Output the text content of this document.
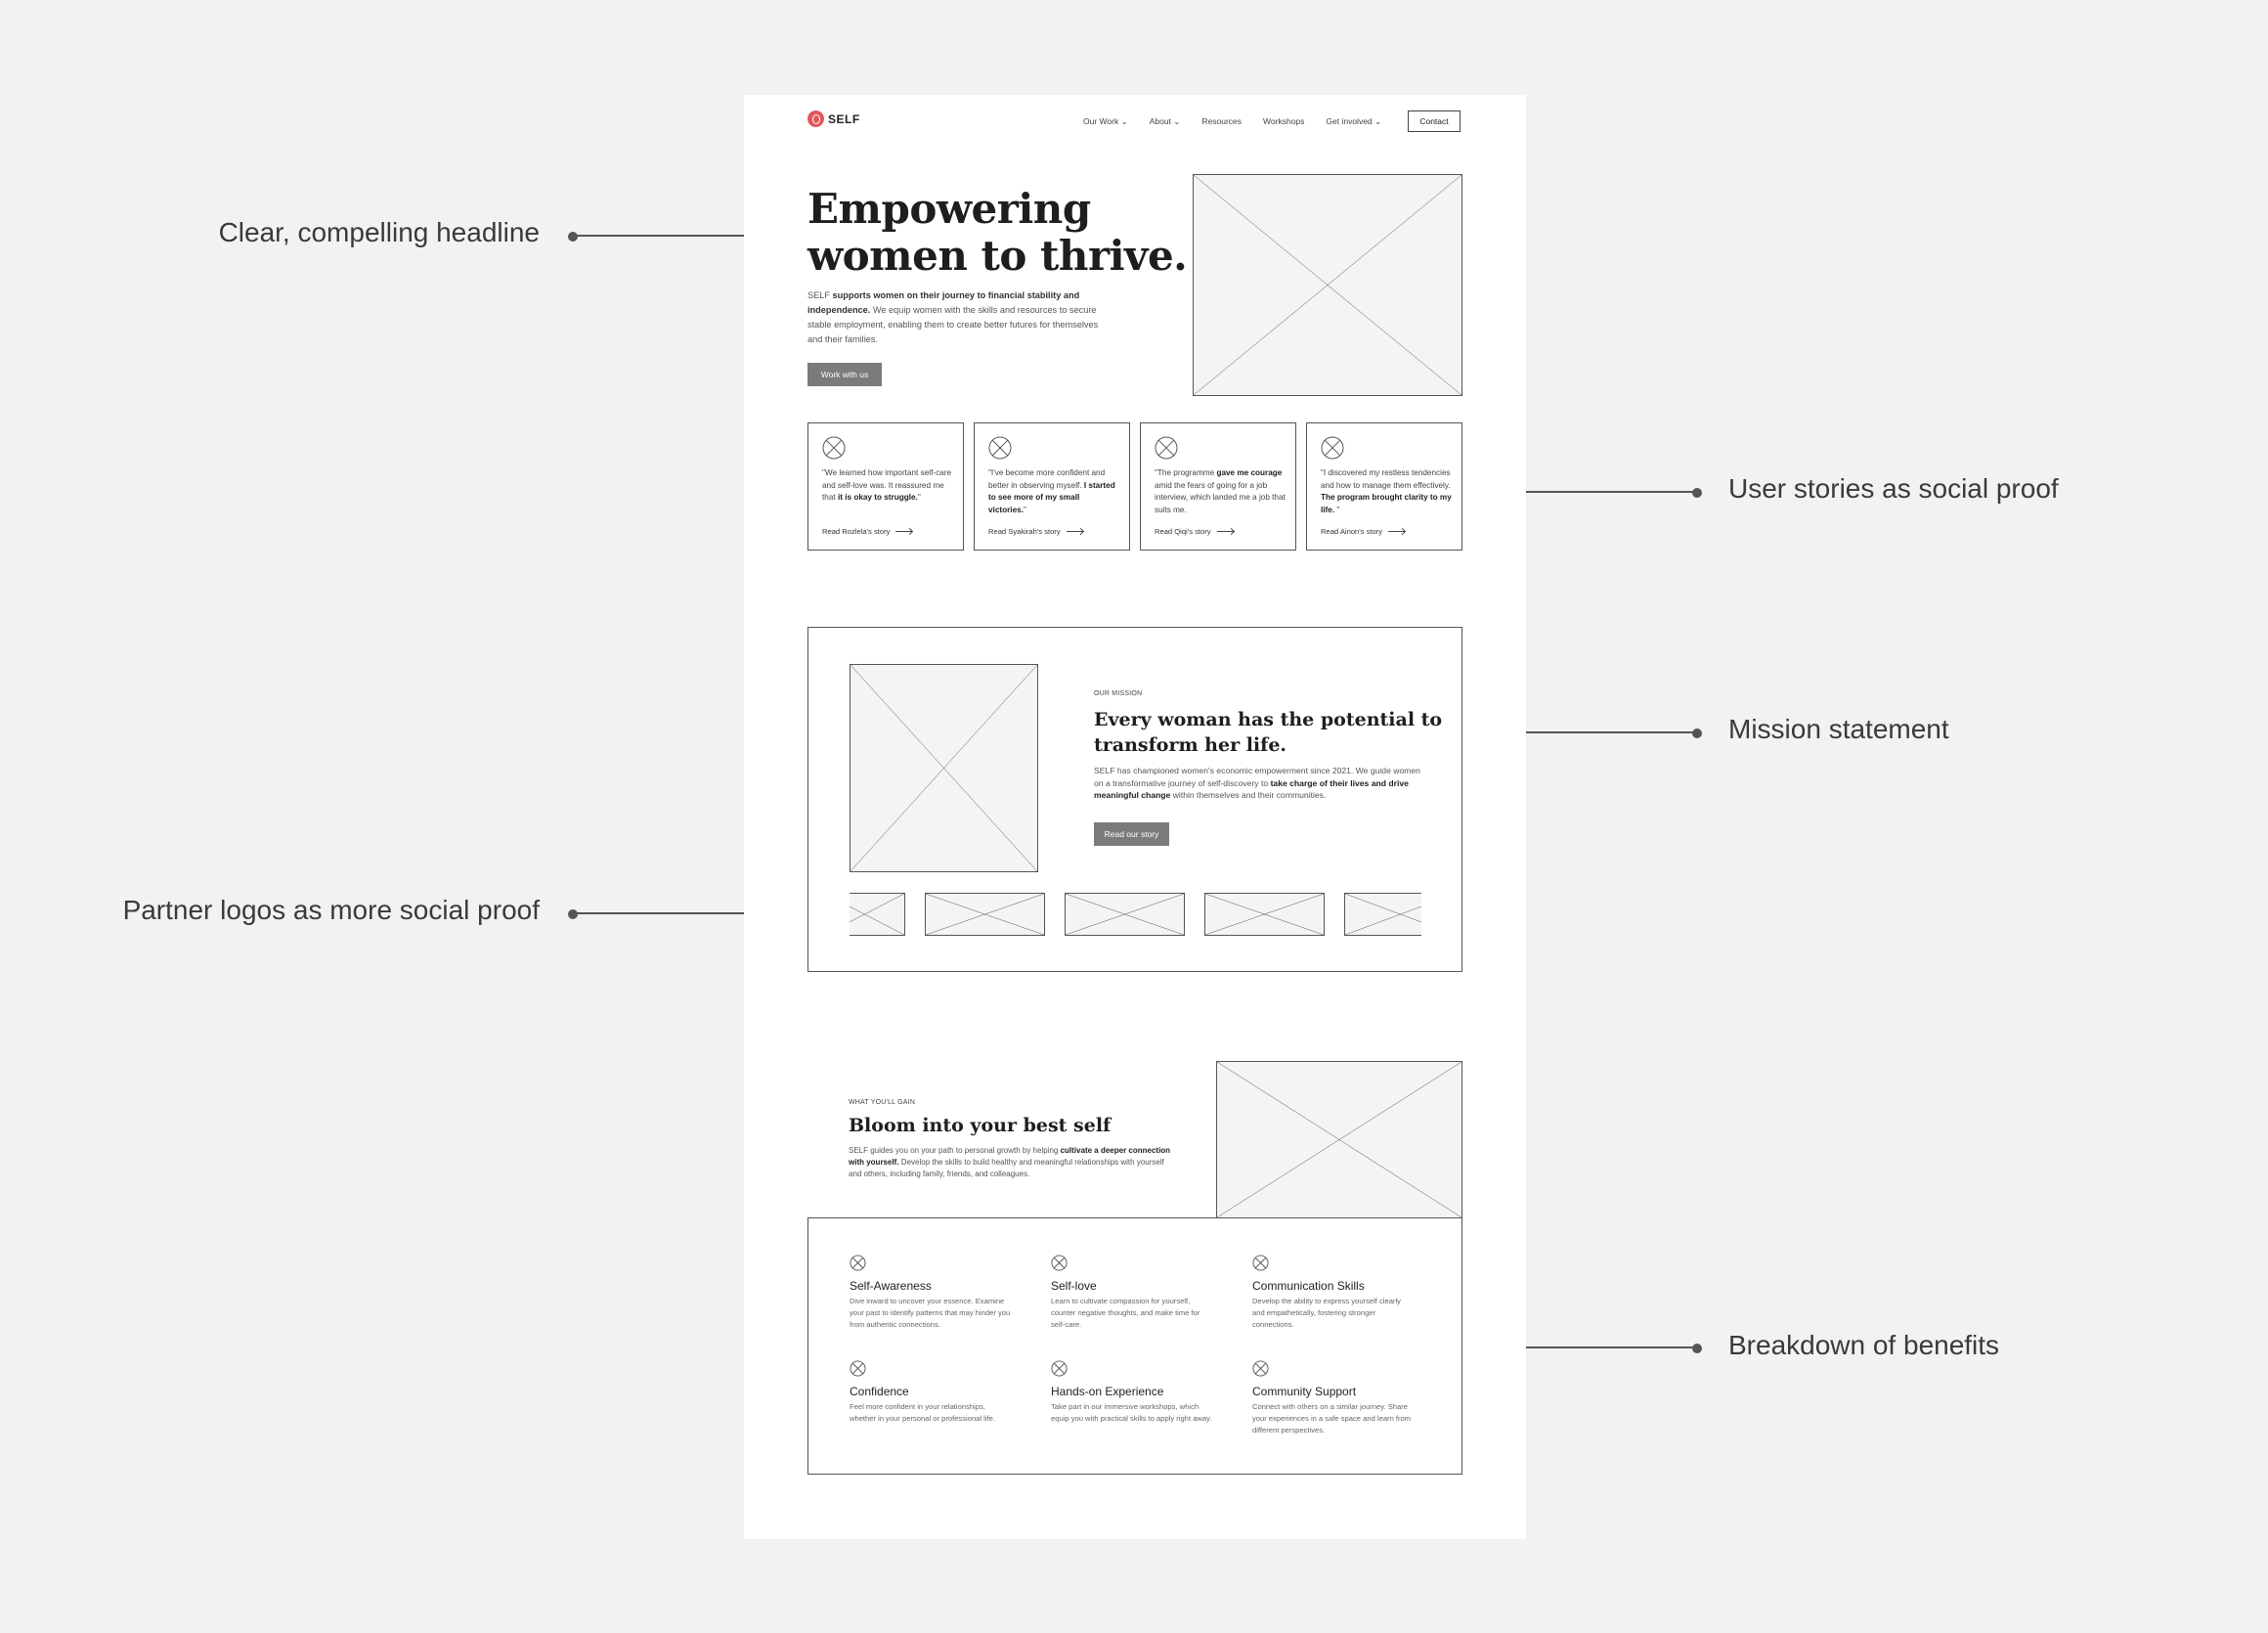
Clear, compelling headline
User stories as social proof
Mission statement
Partner logos as more social proof
Breakdown of benefits
SELF	Our Work ⌄	About ⌄	Resources	Workshops	Get involved ⌄	Contact
Empowering
women to thrive.
SELF supports women on their journey to financial stability and independence. We equip women with the skills and resources to secure stable employment, enabling them to create better futures for themselves and their families.
Work with us
"We learned how important self-care and self-love was. It reassured me that it is okay to struggle."
Read Rozlela's story
"I've become more confident and better in observing myself. I started to see more of my small victories."
Read Syakirah's story
"The programme gave me courage amid the fears of going for a job interview, which landed me a job that suits me.
Read Qiqi's story
"I discovered my restless tendencies and how to manage them effectively. The program brought clarity to my life. "
Read Ainon's story
OUR MISSION
Every woman has the potential to
transform her life.
SELF has championed women's economic empowerment since 2021. We guide women on a transformative journey of self-discovery to take charge of their lives and drive meaningful change within themselves and their communities.
Read our story
WHAT YOU'LL GAIN
Bloom into your best self
SELF guides you on your path to personal growth by helping cultivate a deeper connection with yourself. Develop the skills to build healthy and meaningful relationships with yourself and others, including family, friends, and colleagues.
Self-Awareness
Dive inward to uncover your essence. Examine your past to identify patterns that may hinder you from authentic connections.
Self-love
Learn to cultivate compassion for yourself, counter negative thoughts, and make time for self-care.
Communication Skills
Develop the ability to express yourself clearly and empathetically, fostering stronger connections.
Confidence
Feel more confident in your relationships, whether in your personal or professional life.
Hands-on Experience
Take part in our immersive workshops, which equip you with practical skills to apply right away.
Community Support
Connect with others on a similar journey. Share your experiences in a safe space and learn from different perspectives.
